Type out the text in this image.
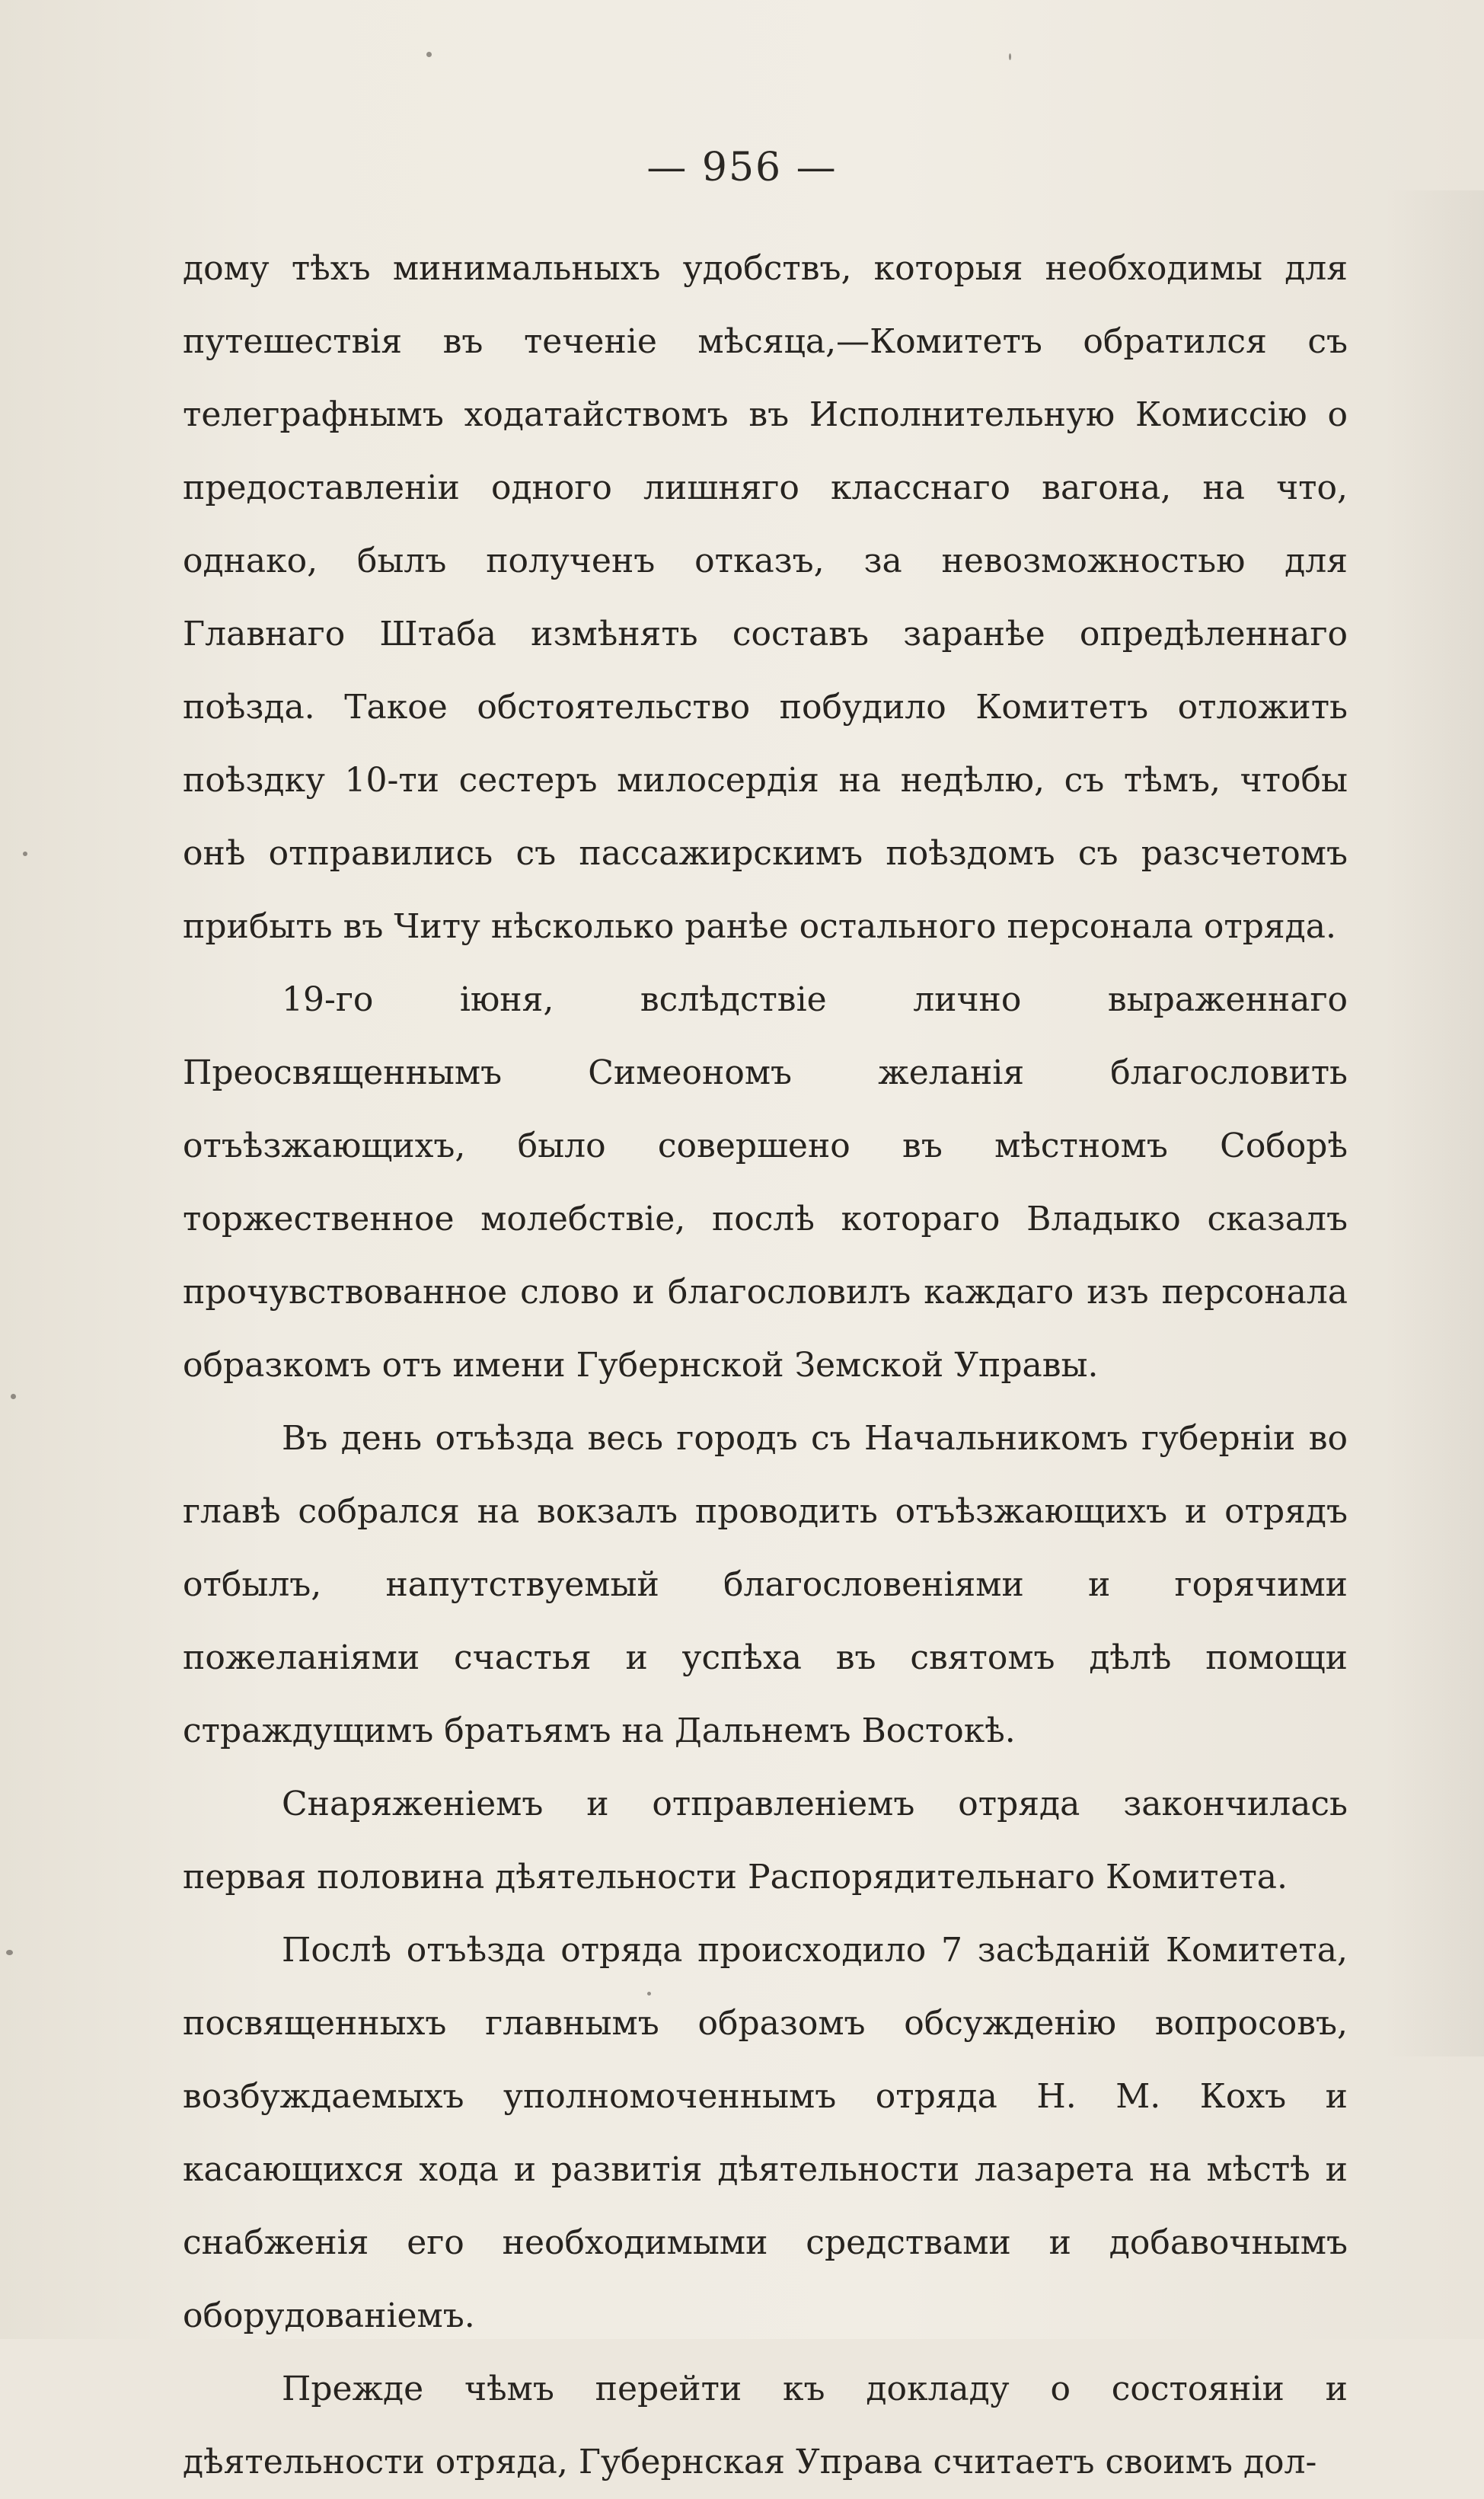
— 956 —

дому тѣхъ минимальныхъ удобствъ, которыя необходимы для путешествія въ теченіе мѣсяца,—Комитетъ обратился съ телеграфнымъ ходатайствомъ въ Исполнительную Комиссію о предоставленіи одного лишняго класснаго вагона, на что, однако, былъ полученъ отказъ, за невозможностью для Главнаго Штаба измѣнять составъ заранѣе опредѣленнаго поѣзда. Такое обстоятельство побудило Комитетъ отложить поѣздку 10-ти сестеръ милосердія на недѣлю, съ тѣмъ, чтобы онѣ отправились съ пассажирскимъ поѣздомъ съ разсчетомъ прибыть въ Читу нѣсколько ранѣе остального персонала отряда.

19-го іюня, вслѣдствіе лично выраженнаго Преосвященнымъ Симеономъ желанія благословить отъѣзжающихъ, было совершено въ мѣстномъ Соборѣ торжественное молебствіе, послѣ котораго Владыко сказалъ прочувствованное слово и благословилъ каждаго изъ персонала образкомъ отъ имени Губернской Земской Управы.

Въ день отъѣзда весь городъ съ Начальникомъ губерніи во главѣ собрался на вокзалъ проводить отъѣзжающихъ и отрядъ отбылъ, напутствуемый благословеніями и горячими пожеланіями счастья и успѣха въ святомъ дѣлѣ помощи страждущимъ братьямъ на Дальнемъ Востокѣ.

Снаряженіемъ и отправленіемъ отряда закончилась первая половина дѣятельности Распорядительнаго Комитета.

Послѣ отъѣзда отряда происходило 7 засѣданій Комитета, посвященныхъ главнымъ образомъ обсужденію вопросовъ, возбуждаемыхъ уполномоченнымъ отряда Н. М. Кохъ и касающихся хода и развитія дѣятельности лазарета на мѣстѣ и снабженія его необходимыми средствами и добавочнымъ оборудованіемъ.

Прежде чѣмъ перейти къ докладу о состояніи и дѣятельности отряда, Губернская Управа считаетъ своимъ дол-
